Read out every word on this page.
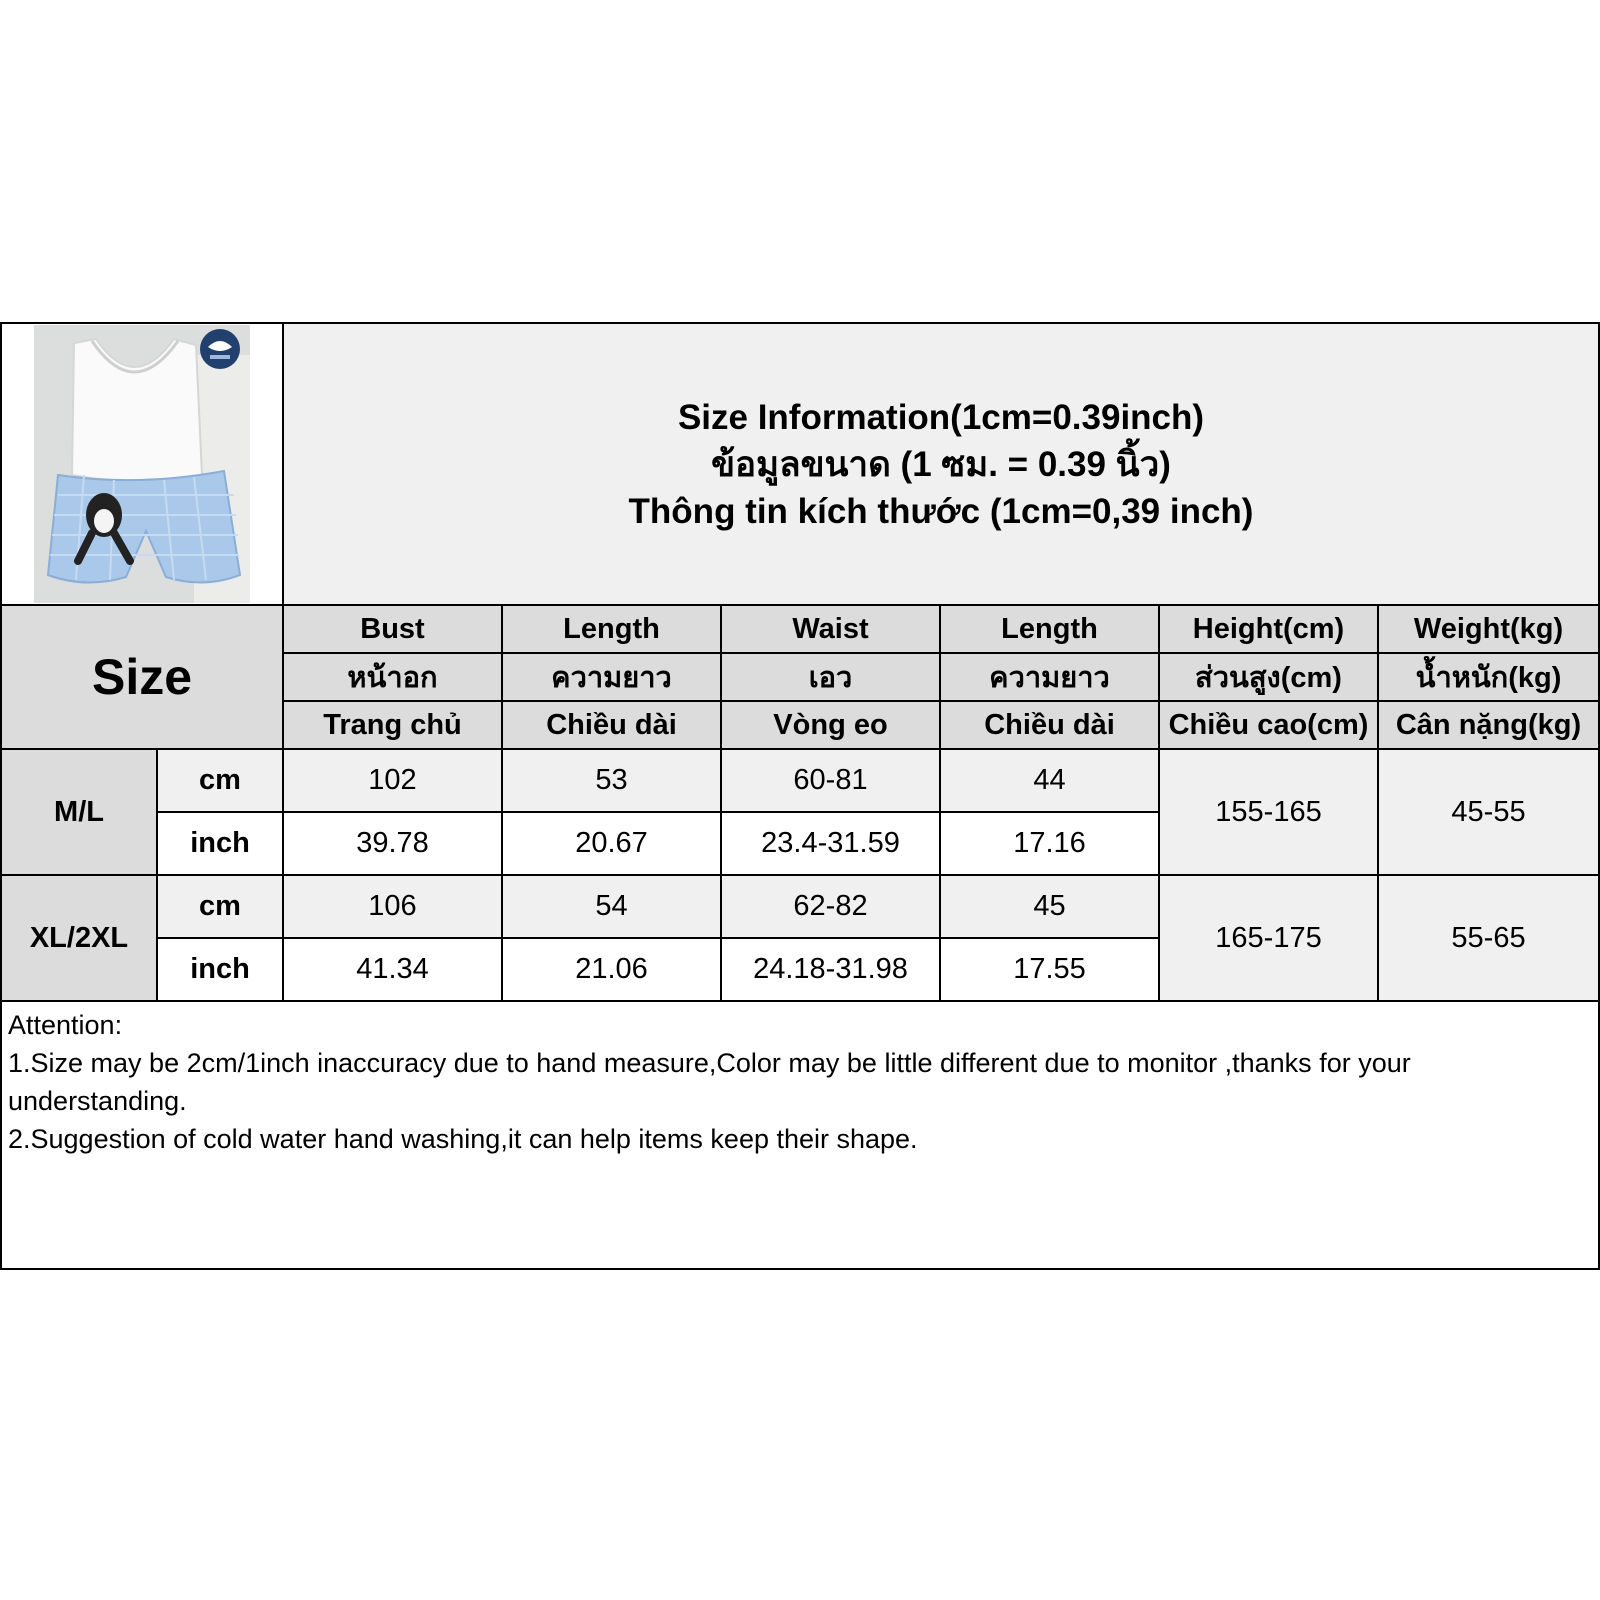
Size Information(1cm=0.39inch)
ข้อมูลขนาด (1 ซม. = 0.39 นิ้ว)
Thông tin kích thước (1cm=0,39 inch)					

Size		Bust	Length	Waist	Length	Height(cm)	Weight(kg)
		หน้าอก	ความยาว	เอว	ความยาว	ส่วนสูง(cm)	น้ำหนัก(kg)
		Trang chủ	Chiều dài	Vòng eo	Chiều dài	Chiều cao(cm)	Cân nặng(kg)
M/L	cm	102	53	60-81	44	155-165	45-55
	inch	39.78	20.67	23.4-31.59	17.16		
XL/2XL	cm	106	54	62-82	45	165-175	55-65
	inch	41.34	21.06	24.18-31.98	17.55		

Attention:

1.Size may be 2cm/1inch inaccuracy due to hand measure,Color may be little different due to monitor ,thanks for your understanding.

2.Suggestion of cold water hand washing,it can help items keep their shape.							
